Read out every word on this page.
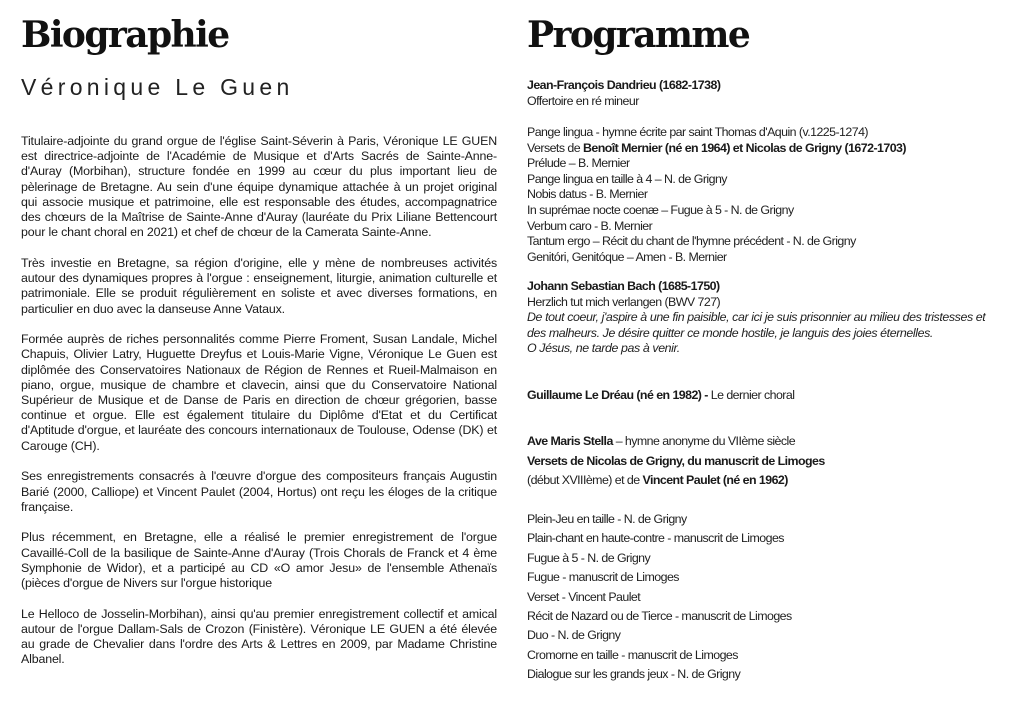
Biographie
Véronique Le Guen

Titulaire-adjointe du grand orgue de l'église Saint-Séverin à Paris, Véronique LE GUEN est directrice-adjointe de l'Académie de Musique et d'Arts Sacrés de Sainte-Anne-d'Auray (Morbihan), structure fondée en 1999 au cœur du plus important lieu de pèlerinage de Bretagne. Au sein d'une équipe dynamique attachée à un projet original qui associe musique et patrimoine, elle est responsable des études, accompagnatrice des chœurs de la Maîtrise de Sainte-Anne d'Auray (lauréate du Prix Liliane Bettencourt pour le chant choral en 2021) et chef de chœur de la Camerata Sainte-Anne.

Très investie en Bretagne, sa région d'origine, elle y mène de nombreuses activités autour des dynamiques propres à l'orgue : enseignement, liturgie, animation culturelle et patrimoniale. Elle se produit régulièrement en soliste et avec diverses formations, en particulier en duo avec la danseuse Anne Vataux.

Formée auprès de riches personnalités comme Pierre Froment, Susan Landale, Michel Chapuis, Olivier Latry, Huguette Dreyfus et Louis-Marie Vigne, Véronique Le Guen est diplômée des Conservatoires Nationaux de Région de Rennes et Rueil-Malmaison en piano, orgue, musique de chambre et clavecin, ainsi que du Conservatoire National Supérieur de Musique et de Danse de Paris en direction de chœur grégorien, basse continue et orgue. Elle est également titulaire du Diplôme d'Etat et du Certificat d'Aptitude d'orgue, et lauréate des concours internationaux de Toulouse, Odense (DK) et Carouge (CH).

Ses enregistrements consacrés à l'œuvre d'orgue des compositeurs français Augustin Barié (2000, Calliope) et Vincent Paulet (2004, Hortus) ont reçu les éloges de la critique française.

Plus récemment, en Bretagne, elle a réalisé le premier enregistrement de l'orgue Cavaillé-Coll de la basilique de Sainte-Anne d'Auray (Trois Chorals de Franck et 4 ème Symphonie de Widor), et a participé au CD «O amor Jesu» de l'ensemble Athenaïs (pièces d'orgue de Nivers sur l'orgue historique

Le Helloco de Josselin-Morbihan), ainsi qu'au premier enregistrement collectif et amical autour de l'orgue Dallam-Sals de Crozon (Finistère). Véronique LE GUEN a été élevée au grade de Chevalier dans l'ordre des Arts & Lettres en 2009, par Madame Christine Albanel.

Programme
Jean-François Dandrieu (1682-1738)
Offertoire en ré mineur
Pange lingua - hymne écrite par saint Thomas d'Aquin (v.1225-1274)
Versets de Benoît Mernier (né en 1964) et Nicolas de Grigny (1672-1703)
Prélude – B. Mernier
Pange lingua en taille à 4 – N. de Grigny
Nobis datus - B. Mernier
In suprémae nocte coenæ – Fugue à 5 - N. de Grigny
Verbum caro - B. Mernier
Tantum ergo – Récit du chant de l'hymne précédent - N. de Grigny
Genitóri, Genitóque – Amen - B. Mernier
Johann Sebastian Bach (1685-1750)
Herzlich tut mich verlangen (BWV 727)
De tout coeur, j'aspire à une fin paisible, car ici je suis prisonnier au milieu des tristesses et des malheurs. Je désire quitter ce monde hostile, je languis des joies éternelles.
O Jésus, ne tarde pas à venir.
Guillaume Le Dréau (né en 1982) - Le dernier choral
Ave Maris Stella – hymne anonyme du VIIème siècle
Versets de Nicolas de Grigny, du manuscrit de Limoges
(début XVIIIème) et de Vincent Paulet (né en 1962)
Plein-Jeu en taille - N. de Grigny
Plain-chant en haute-contre - manuscrit de Limoges
Fugue à 5 - N. de Grigny
Fugue - manuscrit de Limoges
Verset - Vincent Paulet
Récit de Nazard ou de Tierce - manuscrit de Limoges
Duo - N. de Grigny
Cromorne en taille - manuscrit de Limoges
Dialogue sur les grands jeux - N. de Grigny
